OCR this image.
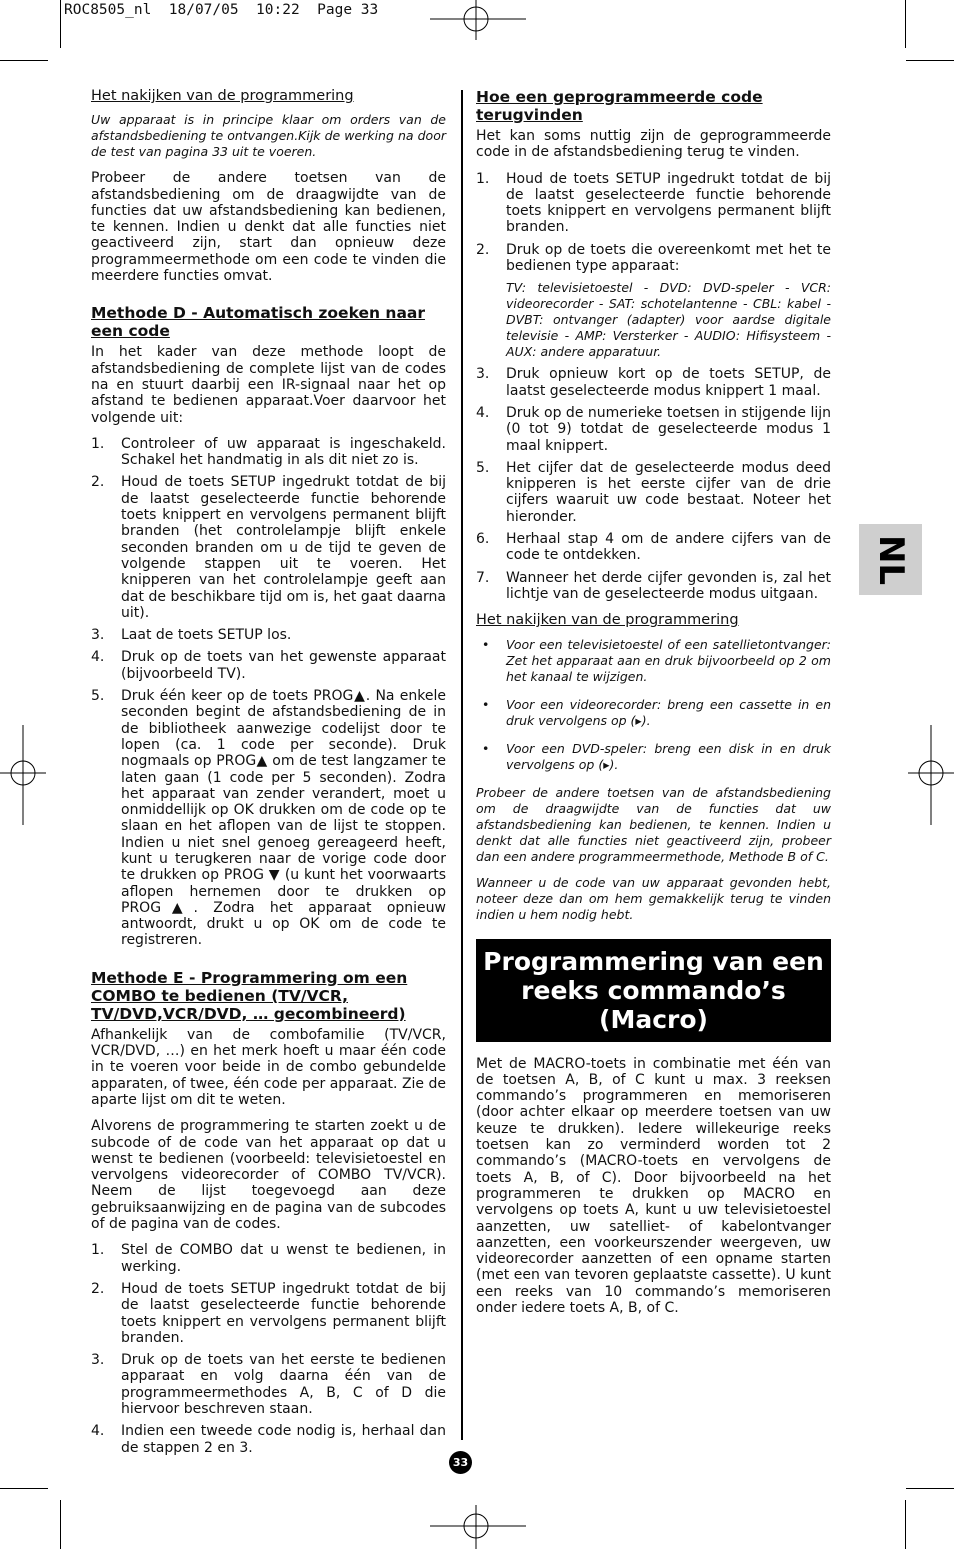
ROC8505_nl  18/07/05  10:22  Page 33
NL
33
Het nakijken van de programmering

Uw apparaat is in principe klaar om orders van de afstandsbediening te ontvangen.Kijk de werking na door de test van pagina 33 uit te voeren.

Probeer de andere toetsen van de afstandsbediening om de draagwijdte van de functies dat uw afstandsbediening kan bedienen, te kennen. Indien u denkt dat alle functies niet geactiveerd zijn, start dan opnieuw deze programmeermethode om een code te vinden die meerdere functies omvat.

Methode D - Automatisch zoeken naar een code

In het kader van deze methode loopt de afstandsbediening de complete lijst van de codes na en stuurt daarbij een IR-signaal naar het op afstand te bedienen apparaat.Voer daarvoor het volgende uit:

1.	Controleer of uw apparaat is ingeschakeld. Schakel het handmatig in als dit niet zo is.
2.	Houd de toets SETUP ingedrukt totdat de bij de laatst geselecteerde functie behorende toets knippert en vervolgens permanent blijft branden (het controlelampje blijft enkele seconden branden om u de tijd te geven de volgende stappen uit te voeren. Het knipperen van het controlelampje geeft aan dat de beschikbare tijd om is, het gaat daarna uit).
3.	Laat de toets SETUP los.
4.	Druk op de toets van het gewenste apparaat (bijvoorbeeld TV).
5.	Druk één keer op de toets PROG▲. Na enkele seconden begint de afstandsbediening de in de bibliotheek aanwezige codelijst door te lopen (ca. 1 code per seconde). Druk nogmaals op PROG▲ om de test langzamer te laten gaan (1 code per 5 seconden). Zodra het apparaat van zender verandert, moet u onmiddellijk op OK drukken om de code op te slaan en het aflopen van de lijst te stoppen. Indien u niet snel genoeg gereageerd heeft, kunt u terugkeren naar de vorige code door te drukken op PROG ▼ (u kunt het voorwaarts aflopen hernemen door te drukken op PROG▲. Zodra het apparaat opnieuw antwoordt, drukt u op OK om de code te registreren.
Methode E - Programmering om een COMBO te bedienen (TV/VCR, TV/DVD,VCR/DVD, … gecombineerd)

Afhankelijk van de combofamilie (TV/VCR, VCR/DVD, …) en het merk hoeft u maar één code in te voeren voor beide in de combo gebundelde apparaten, of twee, één code per apparaat. Zie de aparte lijst om dit te weten.

Alvorens de programmering te starten zoekt u de subcode of de code van het apparaat op dat u wenst te bedienen (voorbeeld: televisietoestel en vervolgens videorecorder of COMBO TV/VCR). Neem de lijst toegevoegd aan deze gebruiksaanwijzing en de pagina van de subcodes of de pagina van de codes.

1.	Stel de COMBO dat u wenst te bedienen, in werking.
2.	Houd de toets SETUP ingedrukt totdat de bij de laatst geselecteerde functie behorende toets knippert en vervolgens permanent blijft branden.
3.	Druk op de toets van het eerste te bedienen apparaat en volg daarna één van de programmeermethodes A, B, C of D die hiervoor beschreven staan.
4.	Indien een tweede code nodig is, herhaal dan de stappen 2 en 3.
Hoe een geprogrammeerde code terugvinden

Het kan soms nuttig zijn de geprogrammeerde code in de afstandsbediening terug te vinden.

1.	Houd de toets SETUP ingedrukt totdat de bij de laatst geselecteerde functie behorende toets knippert en vervolgens permanent blijft branden.
2.	Druk op de toets die overeenkomt met het te bedienen type apparaat:
TV: televisietoestel - DVD: DVD-speler - VCR: videorecorder - SAT: schotelantenne - CBL: kabel - DVBT: ontvanger (adapter) voor aardse digitale televisie - AMP: Versterker - AUDIO: Hifisysteem - AUX: andere apparatuur.
3.	Druk opnieuw kort op de toets SETUP, de laatst geselecteerde modus knippert 1 maal.
4.	Druk op de numerieke toetsen in stijgende lijn (0 tot 9) totdat de geselecteerde modus 1 maal knippert.
5.	Het cijfer dat de geselecteerde modus deed knipperen is het eerste cijfer van de drie cijfers waaruit uw code bestaat. Noteer het hieronder.
6.	Herhaal stap 4 om de andere cijfers van de code te ontdekken.
7.	Wanneer het derde cijfer gevonden is, zal het lichtje van de geselecteerde modus uitgaan.
Het nakijken van de programmering
•	Voor een televisietoestel of een satellietontvanger: Zet het apparaat aan en druk bijvoorbeeld op 2 om het kanaal te wijzigen.
•	Voor een videorecorder: breng een cassette in en druk vervolgens op (▸).
•	Voor een DVD-speler: breng een disk in en druk vervolgens op (▸).

Probeer de andere toetsen van de afstandsbediening om de draagwijdte van de functies dat uw afstandsbediening kan bedienen, te kennen. Indien u denkt dat alle functies niet geactiveerd zijn, probeer dan een andere programmeermethode, Methode B of C.

Wanneer u de code van uw apparaat gevonden hebt, noteer deze dan om hem gemakkelijk terug te vinden indien u hem nodig hebt.

Programmering van een reeks commando’s (Macro)

Met de MACRO-toets in combinatie met één van de toetsen A, B, of C kunt u max. 3 reeksen commando’s programmeren en memoriseren (door achter elkaar op meerdere toetsen van uw keuze te drukken). Iedere willekeurige reeks toetsen kan zo verminderd worden tot 2 commando’s (MACRO-toets en vervolgens de toets A, B, of C). Door bijvoorbeeld na het programmeren te drukken op MACRO en vervolgens op toets A, kunt u uw televisietoestel aanzetten, uw satelliet- of kabelontvanger aanzetten, een voorkeurszender weergeven, uw videorecorder aanzetten of een opname starten (met een van tevoren geplaatste cassette). U kunt een reeks van 10 commando’s memoriseren onder iedere toets A, B, of C.
